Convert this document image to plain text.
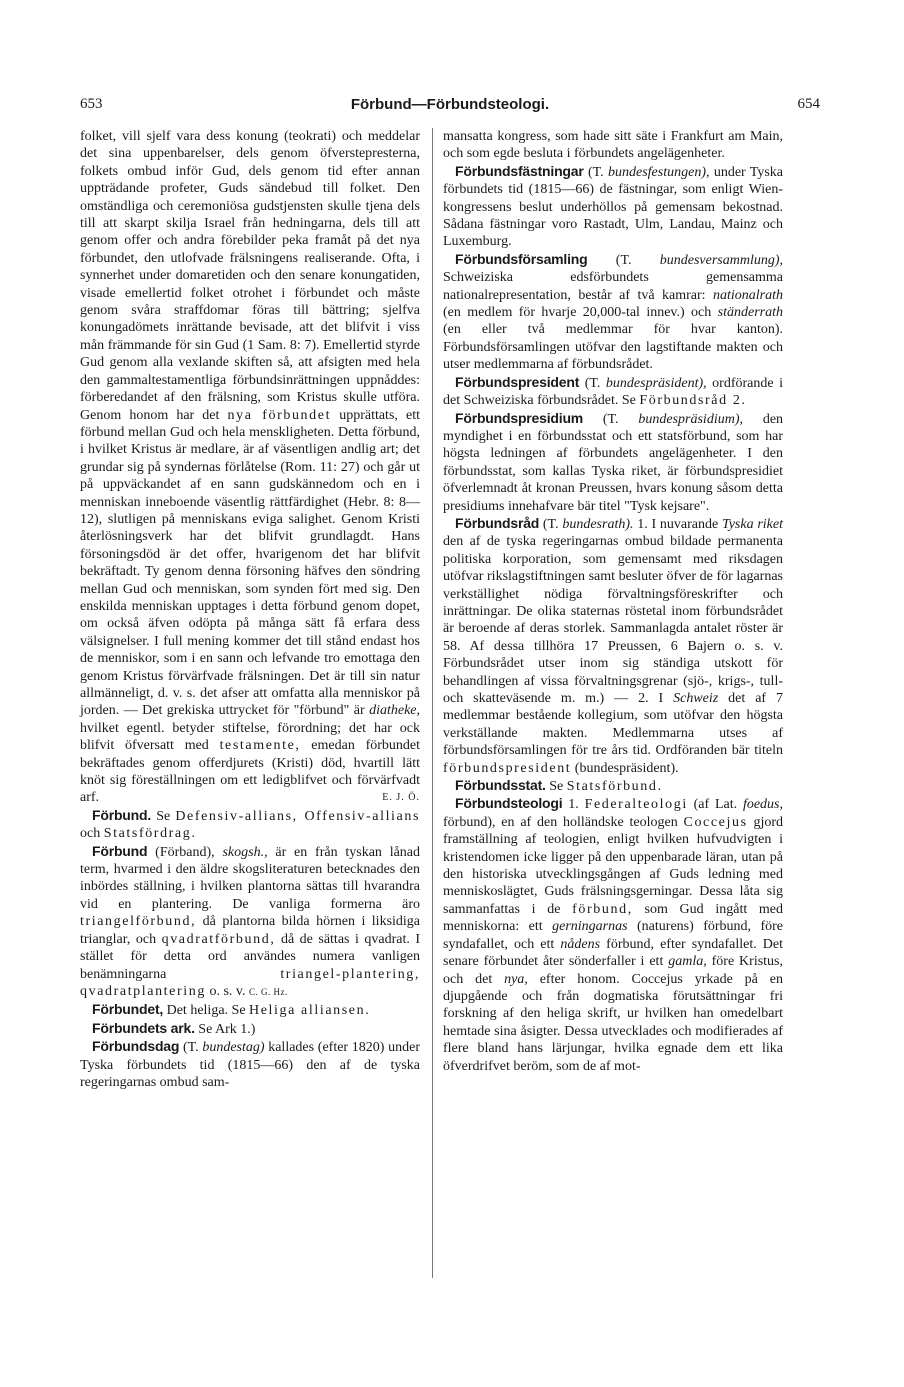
653	Förbund—Förbundsteologi.	654

folket, vill sjelf vara dess konung (teokrati) och meddelar det sina uppenbarelser, dels genom öfverstepresterna, folkets ombud inför Gud, dels genom tid efter annan uppträdande profeter, Guds sändebud till folket. Den omständliga och ceremoniösa gudstjensten skulle tjena dels till att skarpt skilja Israel från hedningarna, dels till att genom offer och andra förebilder peka framåt på det nya förbundet, den utlofvade frälsningens realiserande. Ofta, i synnerhet under domaretiden och den senare konungatiden, visade emellertid folket otrohet i förbundet och måste genom svåra straffdomar föras till bättring; sjelfva konungadömets inrättande bevisade, att det blifvit i viss mån främmande för sin Gud (1 Sam. 8: 7). Emellertid styrde Gud genom alla vexlande skiften så, att afsigten med hela den gammaltestamentliga förbundsinrättningen uppnåddes: förberedandet af den frälsning, som Kristus skulle utföra. Genom honom har det nya förbundet upprättats, ett förbund mellan Gud och hela menskligheten. Detta förbund, i hvilket Kristus är medlare, är af väsentligen andlig art; det grundar sig på syndernas förlåtelse (Rom. 11: 27) och går ut på uppväckandet af en sann gudskännedom och en i menniskan inneboende väsentlig rättfärdighet (Hebr. 8: 8—12), slutligen på menniskans eviga salighet. Genom Kristi återlösningsverk har det blifvit grundlagdt. Hans försoningsdöd är det offer, hvarigenom det har blifvit bekräftadt. Ty genom denna försoning häfves den söndring mellan Gud och menniskan, som synden fört med sig. Den enskilda menniskan upptages i detta förbund genom dopet, om också äfven odöpta på många sätt få erfara dess välsignelser. I full mening kommer det till stånd endast hos de menniskor, som i en sann och lefvande tro emottaga den genom Kristus förvärfvade frälsningen. Det är till sin natur allmänneligt, d. v. s. det afser att omfatta alla menniskor på jorden. — Det grekiska uttrycket för "förbund" är diatheke, hvilket egentl. betyder stiftelse, förordning; det har ock blifvit öfversatt med testamente, emedan förbundet bekräftades genom offerdjurets (Kristi) död, hvartill lätt knöt sig föreställningen om ett ledigblifvet och förvärfvadt arf.	E. J. Ö.

Förbund. Se Defensiv-allians, Offensiv-allians och Statsfördrag.

Förbund (Förband), skogsh., är en från tyskan lånad term, hvarmed i den äldre skogsliteraturen betecknades den inbördes ställning, i hvilken plantorna sättas till hvarandra vid en plantering. De vanliga formerna äro triangelförbund, då plantorna bilda hörnen i liksidiga trianglar, och qvadratförbund, då de sättas i qvadrat. I stället för detta ord användes numera vanligen benämningarna	triangel-plantering, qvadratplantering o. s. v. C. G. Hz.

Förbundet, Det heliga. Se Heliga alliansen.

Förbundets ark. Se Ark 1.)

Förbundsdag (T. bundestag) kallades (efter 1820) under Tyska förbundets tid (1815—66) den af de tyska regeringarnas ombud sam-

mansatta kongress, som hade sitt säte i Frankfurt am Main, och som egde besluta i förbundets angelägenheter.

Förbundsfästningar (T. bundesfestungen), under Tyska förbundets tid (1815—66) de fästningar, som enligt Wien-kongressens beslut underhöllos på gemensam bekostnad. Sådana fästningar voro Rastadt, Ulm, Landau, Mainz och Luxemburg.

Förbundsförsamling (T. bundesversammlung), Schweiziska edsförbundets gemensamma nationalrepresentation, består af två kamrar: nationalrath (en medlem för hvarje 20,000-tal innev.) och ständerrath (en eller två medlemmar för hvar kanton). Förbundsförsamlingen utöfvar den lagstiftande makten och utser medlemmarna af förbundsrådet.

Förbundspresident (T. bundespräsident), ordförande i det Schweiziska förbundsrådet. Se Förbundsråd 2.

Förbundspresidium (T. bundespräsidium), den myndighet i en förbundsstat och ett statsförbund, som har högsta ledningen af förbundets angelägenheter. I den förbundsstat, som kallas Tyska riket, är förbundspresidiet öfverlemnadt åt kronan Preussen, hvars konung såsom detta presidiums innehafvare bär titel "Tysk kejsare".

Förbundsråd (T. bundesrath). 1. I nuvarande Tyska riket den af de tyska regeringarnas ombud bildade permanenta politiska korporation, som gemensamt med riksdagen utöfvar rikslagstiftningen samt besluter öfver de för lagarnas verkställighet nödiga förvaltningsföreskrifter och inrättningar. De olika staternas röstetal inom förbundsrådet är beroende af deras storlek. Sammanlagda antalet röster är 58. Af dessa tillhöra 17 Preussen, 6 Bajern o. s. v. Förbundsrådet utser inom sig ständiga utskott för behandlingen af vissa förvaltningsgrenar (sjö-, krigs-, tull- och skatteväsende m. m.) — 2. I Schweiz det af 7 medlemmar bestående kollegium, som utöfvar den högsta verkställande makten. Medlemmarna utses af förbundsförsamlingen för tre års tid. Ordföranden bär titeln förbundspresident (bundespräsident).

Förbundsstat. Se Statsförbund.

Förbundsteologi 1. Federalteologi (af Lat. foedus, förbund), en af den holländske teologen Coccejus gjord framställning af teologien, enligt hvilken hufvudvigten i kristendomen icke ligger på den uppenbarade läran, utan på den historiska utvecklingsgången af Guds ledning med menniskoslägtet, Guds frälsningsgerningar. Dessa låta sig sammanfattas i de förbund, som Gud ingått med menniskorna: ett gerningarnas (naturens) förbund, före syndafallet, och ett nådens förbund, efter syndafallet. Det senare förbundet åter sönderfaller i ett gamla, före Kristus, och det nya, efter honom. Coccejus yrkade på en djupgående och från dogmatiska förutsättningar fri forskning af den heliga skrift, ur hvilken han omedelbart hemtade sina åsigter. Dessa utvecklades och modifierades af flere bland hans lärjungar, hvilka egnade dem ett lika öfverdrifvet beröm, som de af mot-
